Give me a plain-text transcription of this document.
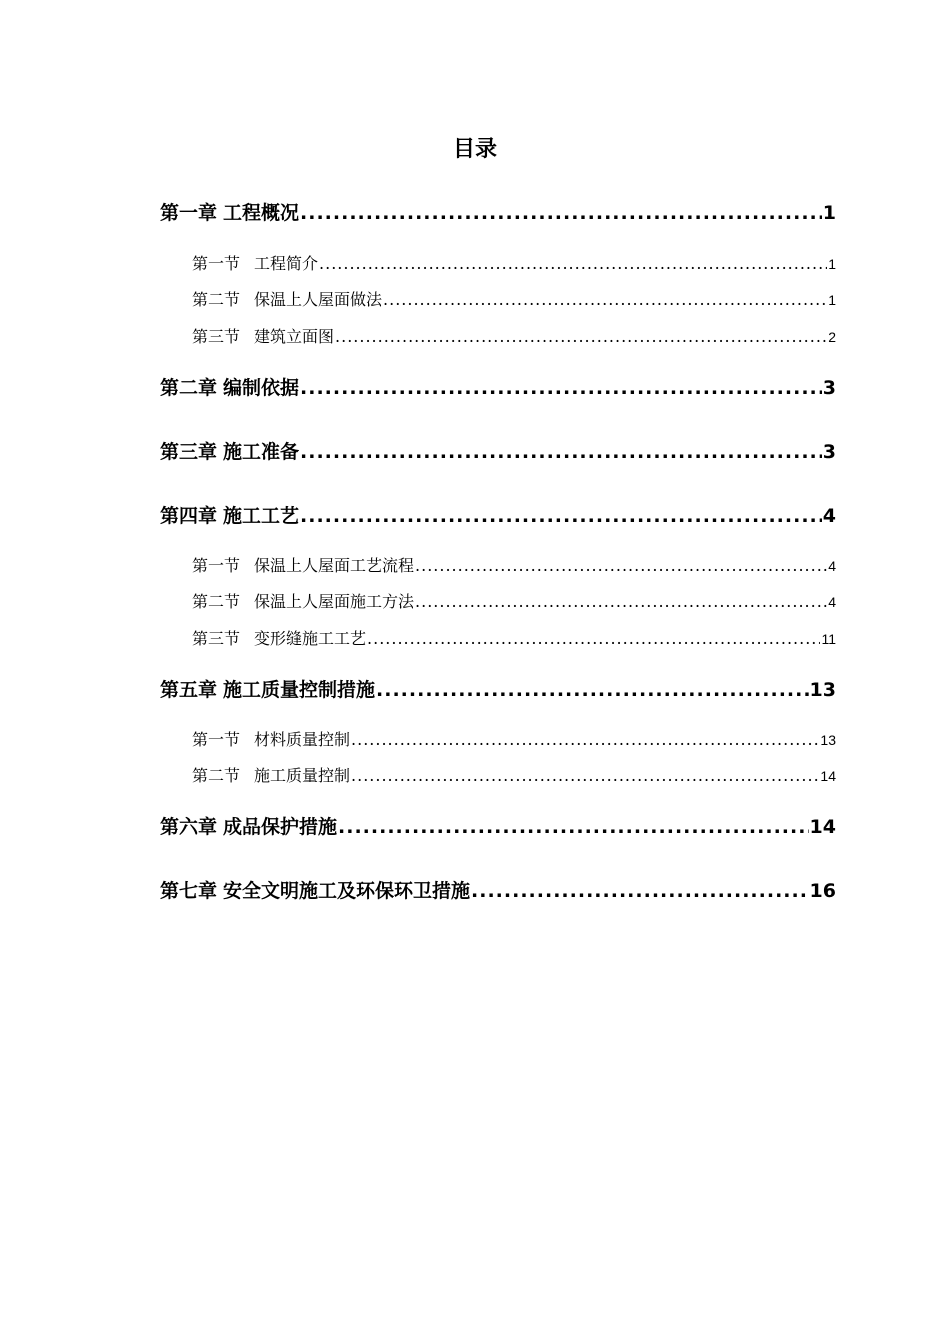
目录
第一章 工程概况 .....	1
第一节 工程简介 .....	1
第二节 保温上人屋面做法 .....	1
第三节 建筑立面图 .....	2
第二章 编制依据 .....	3
第三章 施工准备 .....	3
第四章 施工工艺 .....	4
第一节 保温上人屋面工艺流程 .....	4
第二节 保温上人屋面施工方法 .....	4
第三节 变形缝施工工艺 .....	11
第五章 施工质量控制措施 .....	13
第一节 材料质量控制 .....	13
第二节 施工质量控制 .....	14
第六章 成品保护措施 .....	14
第七章 安全文明施工及环保环卫措施 .....	16
